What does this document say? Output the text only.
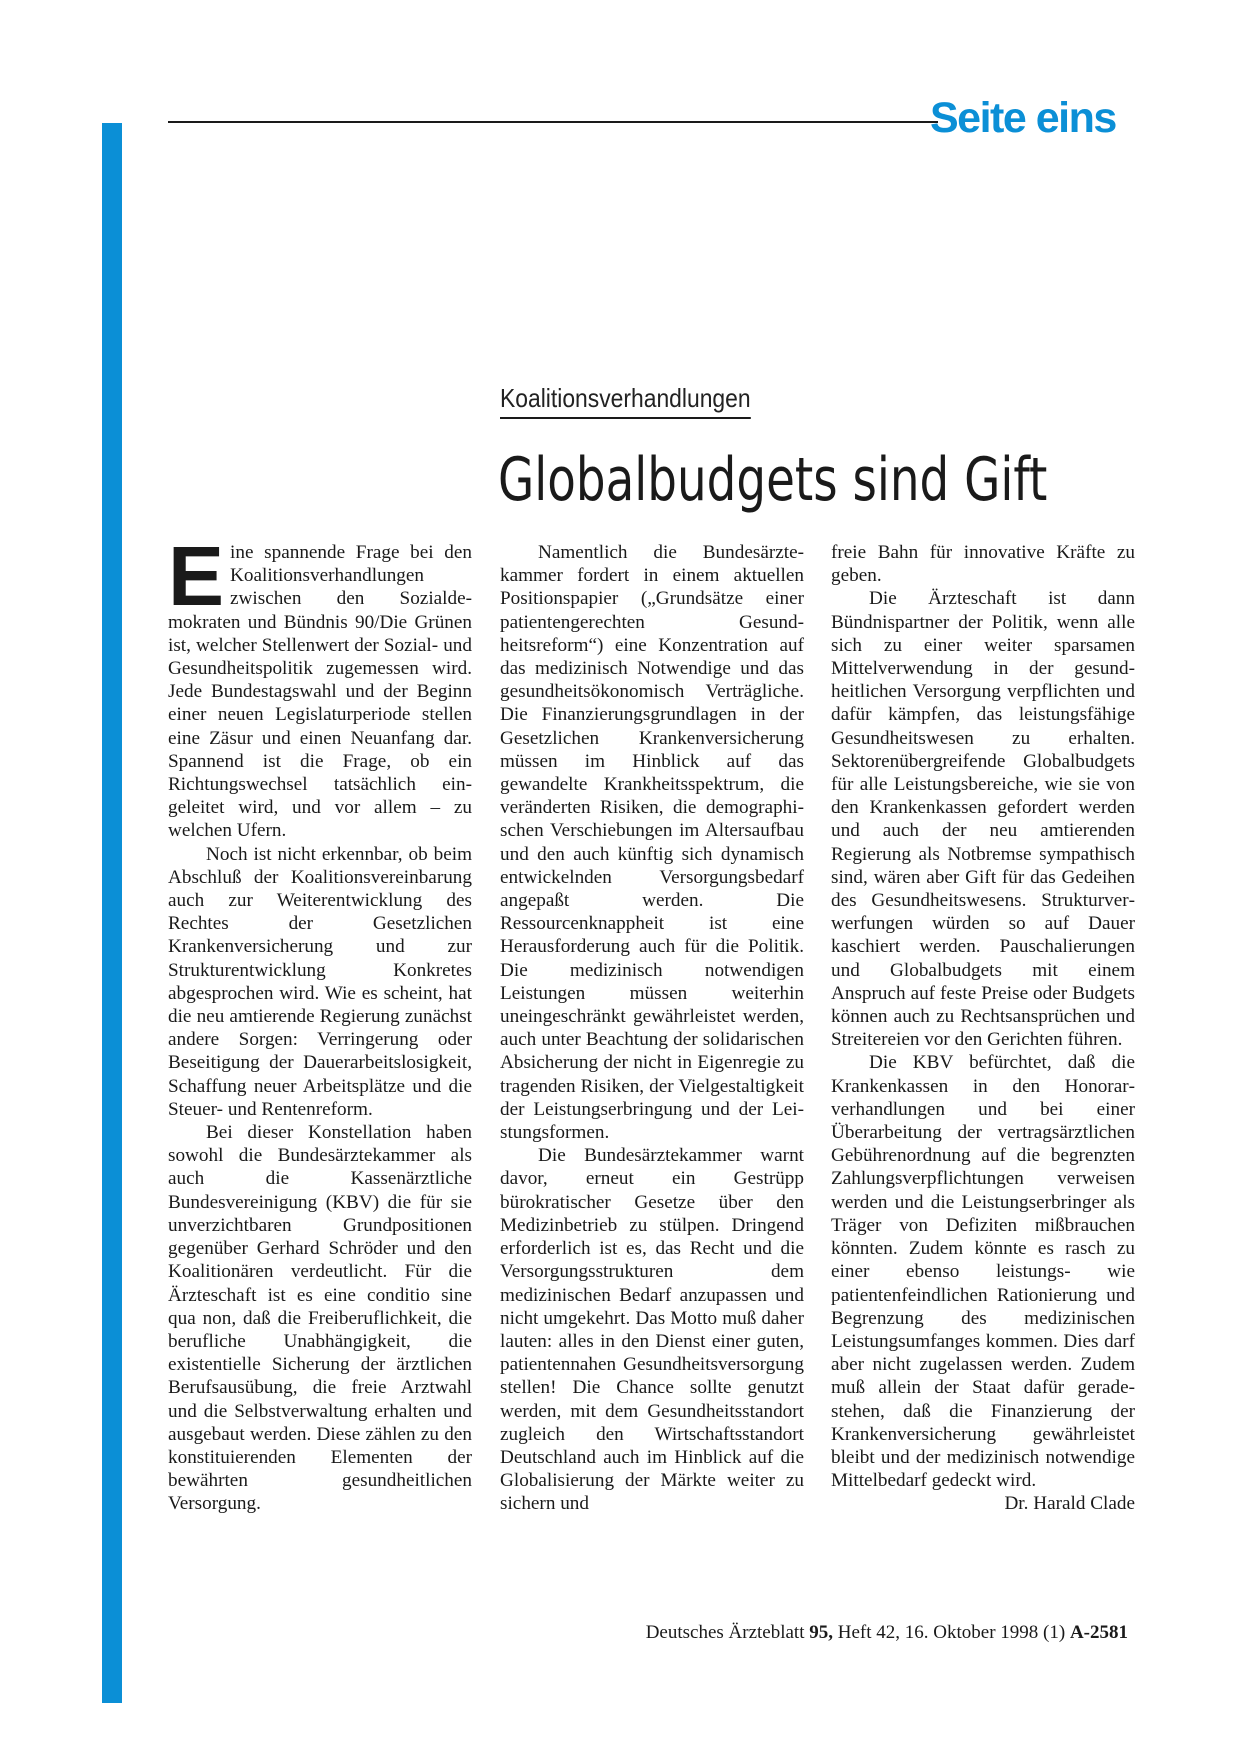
Seite eins
Koalitionsverhandlungen
Globalbudgets sind Gift

Eine spannende Frage bei den Koalitionsverhandlungen zwischen den Sozialdemokraten und Bündnis 90/Die Grünen ist, welcher Stellenwert der Sozial- und Gesundheitspolitik zugemessen wird. Jede Bundestagswahl und der Beginn einer neuen Legislaturperiode stellen eine Zäsur und einen Neuanfang dar. Spannend ist die Frage, ob ein Richtungswechsel tatsächlich eingeleitet wird, und vor allem – zu welchen Ufern.

Noch ist nicht erkennbar, ob beim Abschluß der Koalitionsvereinbarung auch zur Weiterentwicklung des Rechtes der Gesetzlichen Krankenversicherung und zur Strukturentwicklung Konkretes abgesprochen wird. Wie es scheint, hat die neu amtierende Regierung zunächst andere Sorgen: Verringerung oder Beseitigung der Dauerarbeitslosigkeit, Schaffung neuer Arbeitsplätze und die Steuer- und Rentenreform.

Bei dieser Konstellation haben sowohl die Bundesärztekammer als auch die Kassenärztliche Bundesvereinigung (KBV) die für sie unverzichtbaren Grundpositionen gegenüber Gerhard Schröder und den Koalitionären verdeutlicht. Für die Ärzteschaft ist es eine conditio sine qua non, daß die Freiberuflichkeit, die berufliche Unabhängigkeit, die existentielle Sicherung der ärztlichen Berufsausübung, die freie Arztwahl und die Selbstverwaltung erhalten und ausgebaut werden. Diese zählen zu den konstituierenden Elementen der bewährten gesundheitlichen Versorgung.

Namentlich die Bundesärztekammer fordert in einem aktuellen Positionspapier („Grundsätze einer patientengerechten Gesundheitsreform“) eine Konzentration auf das medizinisch Notwendige und das gesundheitsökonomisch Verträgliche. Die Finanzierungsgrundlagen in der Gesetzlichen Krankenversicherung müssen im Hinblick auf das gewandelte Krankheitsspektrum, die veränderten Risiken, die demographischen Verschiebungen im Altersaufbau und den auch künftig sich dynamisch entwickelnden Versorgungsbedarf angepaßt werden. Die Ressourcenknappheit ist eine Herausforderung auch für die Politik. Die medizinisch notwendigen Leistungen müssen weiterhin uneingeschränkt gewährleistet werden, auch unter Beachtung der solidarischen Absicherung der nicht in Eigenregie zu tragenden Risiken, der Vielgestaltigkeit der Leistungserbringung und der Leistungsformen.

Die Bundesärztekammer warnt davor, erneut ein Gestrüpp bürokratischer Gesetze über den Medizinbetrieb zu stülpen. Dringend erforderlich ist es, das Recht und die Versorgungsstrukturen dem medizinischen Bedarf anzupassen und nicht umgekehrt. Das Motto muß daher lauten: alles in den Dienst einer guten, patientennahen Gesundheitsversorgung stellen! Die Chance sollte genutzt werden, mit dem Gesundheitsstandort zugleich den Wirtschaftsstandort Deutschland auch im Hinblick auf die Globalisierung der Märkte weiter zu sichern und

freie Bahn für innovative Kräfte zu geben.

Die Ärzteschaft ist dann Bündnispartner der Politik, wenn alle sich zu einer weiter sparsamen Mittelverwendung in der gesundheitlichen Versorgung verpflichten und dafür kämpfen, das leistungsfähige Gesundheitswesen zu erhalten. Sektorenübergreifende Globalbudgets für alle Leistungsbereiche, wie sie von den Krankenkassen gefordert werden und auch der neu amtierenden Regierung als Notbremse sympathisch sind, wären aber Gift für das Gedeihen des Gesundheitswesens. Strukturverwerfungen würden so auf Dauer kaschiert werden. Pauschalierungen und Globalbudgets mit einem Anspruch auf feste Preise oder Budgets können auch zu Rechtsansprüchen und Streitereien vor den Gerichten führen.

Die KBV befürchtet, daß die Krankenkassen in den Honorarverhandlungen und bei einer Überarbeitung der vertragsärztlichen Gebührenordnung auf die begrenzten Zahlungsverpflichtungen verweisen werden und die Leistungserbringer als Träger von Defiziten mißbrauchen könnten. Zudem könnte es rasch zu einer ebenso leistungs- wie patientenfeindlichen Rationierung und Begrenzung des medizinischen Leistungsumfanges kommen. Dies darf aber nicht zugelassen werden. Zudem muß allein der Staat dafür geradestehen, daß die Finanzierung der Krankenversicherung gewährleistet bleibt und der medizinisch notwendige Mittelbedarf gedeckt wird.

Dr. Harald Clade
Deutsches Ärzteblatt 95, Heft 42, 16. Oktober 1998 (1) A-2581
